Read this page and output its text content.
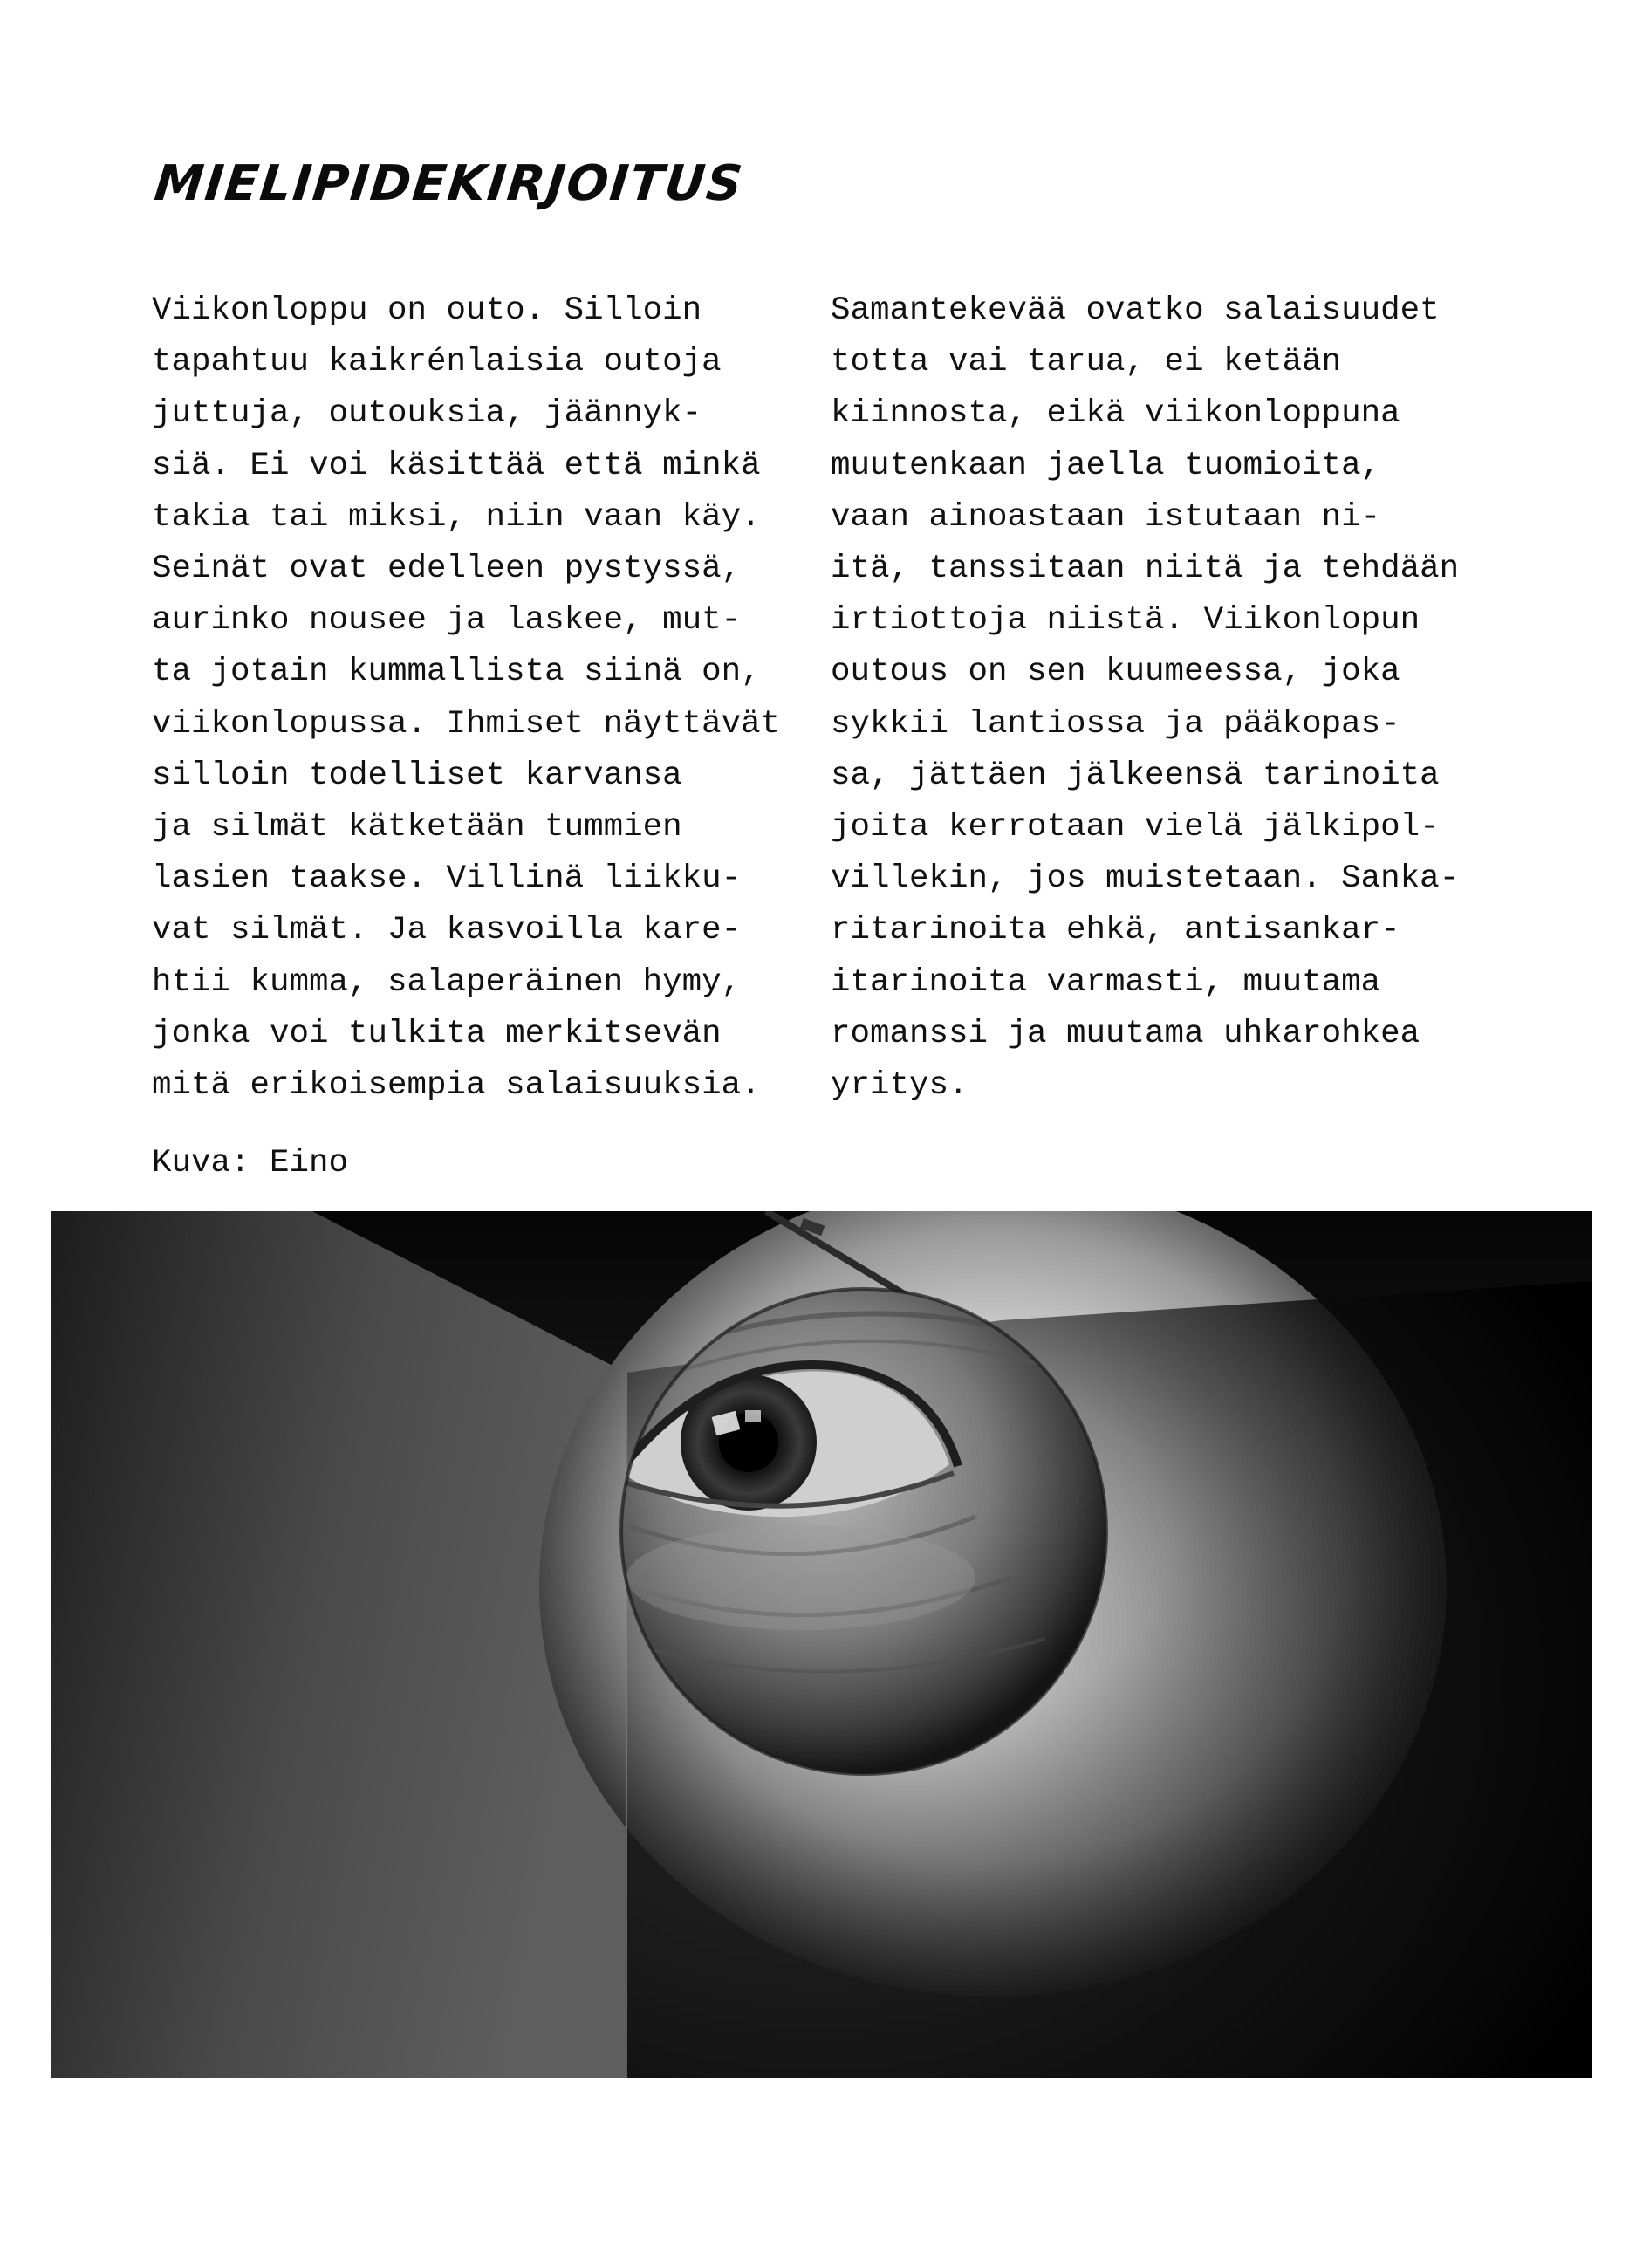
MIELIPIDEKIRJOITUS

Viikonloppu on outo. Silloin
tapahtuu kaikrénlaisia outoja
juttuja, outouksia, jäännyk-
siä. Ei voi käsittää että minkä
takia tai miksi, niin vaan käy.
Seinät ovat edelleen pystyssä,
aurinko nousee ja laskee, mut-
ta jotain kummallista siinä on,
viikonlopussa. Ihmiset näyttävät
silloin todelliset karvansa
ja silmät kätketään tummien
lasien taakse. Villinä liikku-
vat silmät. Ja kasvoilla kare-
htii kumma, salaperäinen hymy,
jonka voi tulkita merkitsevän
mitä erikoisempia salaisuuksia.

Samantekevää ovatko salaisuudet
totta vai tarua, ei ketään
kiinnosta, eikä viikonloppuna
muutenkaan jaella tuomioita,
vaan ainoastaan istutaan ni-
itä, tanssitaan niitä ja tehdään
irtiottoja niistä. Viikonlopun
outous on sen kuumeessa, joka
sykkii lantiossa ja pääkopas-
sa, jättäen jälkeensä tarinoita
joita kerrotaan vielä jälkipol-
villekin, jos muistetaan. Sanka-
ritarinoita ehkä, antisankar-
itarinoita varmasti, muutama
romanssi ja muutama uhkarohkea
yritys.

Kuva: Eino
